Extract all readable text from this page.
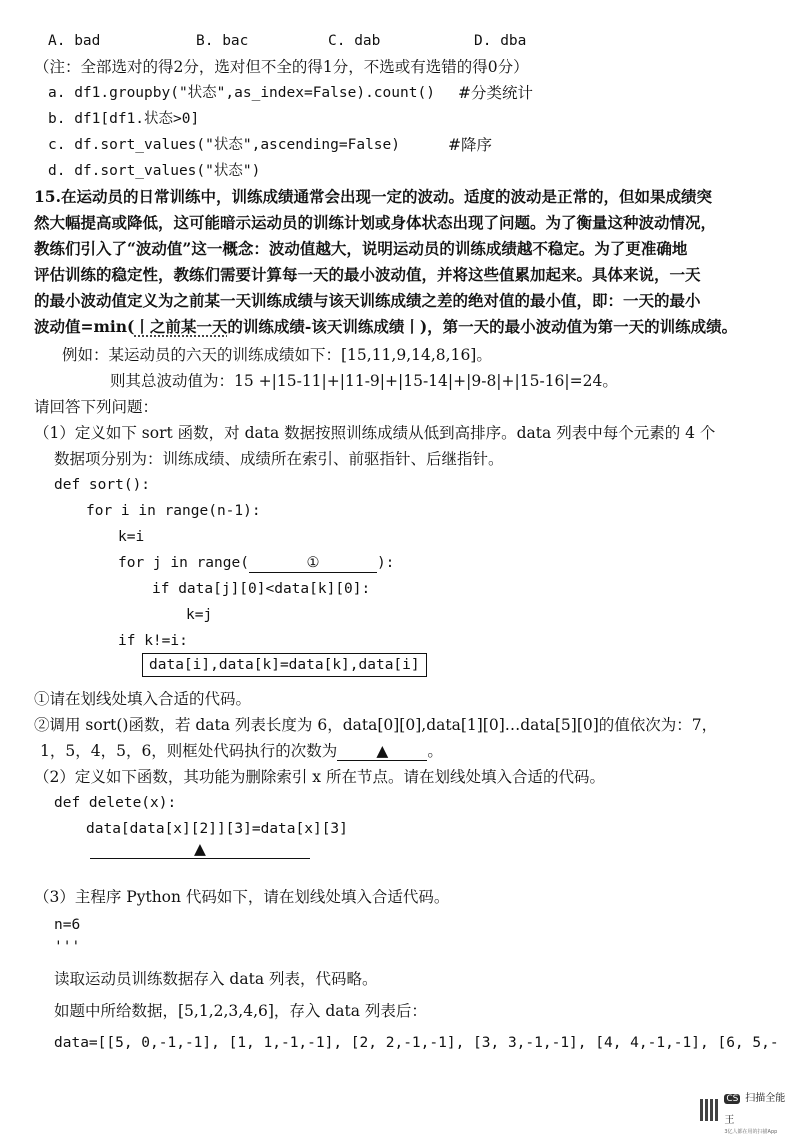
A. bad	B. bac	C. dab	D. dba
（注：全部选对的得2分，选对但不全的得1分，不选或有选错的得0分）
a. df1.groupby("状态",as_index=False).count() #分类统计
b. df1[df1.状态>0]
c. df.sort_values("状态",ascending=False)	#降序
d. df.sort_values("状态")
15.在运动员的日常训练中，训练成绩通常会出现一定的波动。适度的波动是正常的，但如果成绩突
然大幅提高或降低，这可能暗示运动员的训练计划或身体状态出现了问题。为了衡量这种波动情况，
教练们引入了“波动值”这一概念：波动值越大，说明运动员的训练成绩越不稳定。为了更准确地
评估训练的稳定性，教练们需要计算每一天的最小波动值，并将这些值累加起来。具体来说，一天
的最小波动值定义为之前某一天训练成绩与该天训练成绩之差的绝对值的最小值，即：一天的最小
波动值=min(丨之前某一天的训练成绩-该天训练成绩丨)，第一天的最小波动值为第一天的训练成绩。
例如：某运动员的六天的训练成绩如下：[15,11,9,14,8,16]。
则其总波动值为：15 +|15-11|+|11-9|+|15-14|+|9-8|+|15-16|=24。
请回答下列问题：
（1）定义如下 sort 函数，对 data 数据按照训练成绩从低到高排序。data 列表中每个元素的 4 个
数据项分别为：训练成绩、成绩所在索引、前驱指针、后继指针。
def sort():
for i in range(n-1):
k=i
for j in range(	①	):
if data[j][0]<data[k][0]:
k=j
if k!=i:
data[i],data[k]=data[k],data[i]
①请在划线处填入合适的代码。
②调用 sort()函数，若 data 列表长度为 6，data[0][0],data[1][0]…data[5][0]的值依次为：7，
1，5，4，5，6，则框处代码执行的次数为	▲	。
（2）定义如下函数，其功能为删除索引 x 所在节点。请在划线处填入合适的代码。
def delete(x):
data[data[x][2]][3]=data[x][3]
▲
（3）主程序 Python 代码如下，请在划线处填入合适代码。
n=6
'''
读取运动员训练数据存入 data 列表，代码略。
如题中所给数据，[5,1,2,3,4,6]，存入 data 列表后：
data=[[5, 0,-1,-1], [1, 1,-1,-1], [2, 2,-1,-1], [3, 3,-1,-1], [4, 4,-1,-1], [6, 5,-
CS 扫描全能王
3亿人都在用的扫描App
